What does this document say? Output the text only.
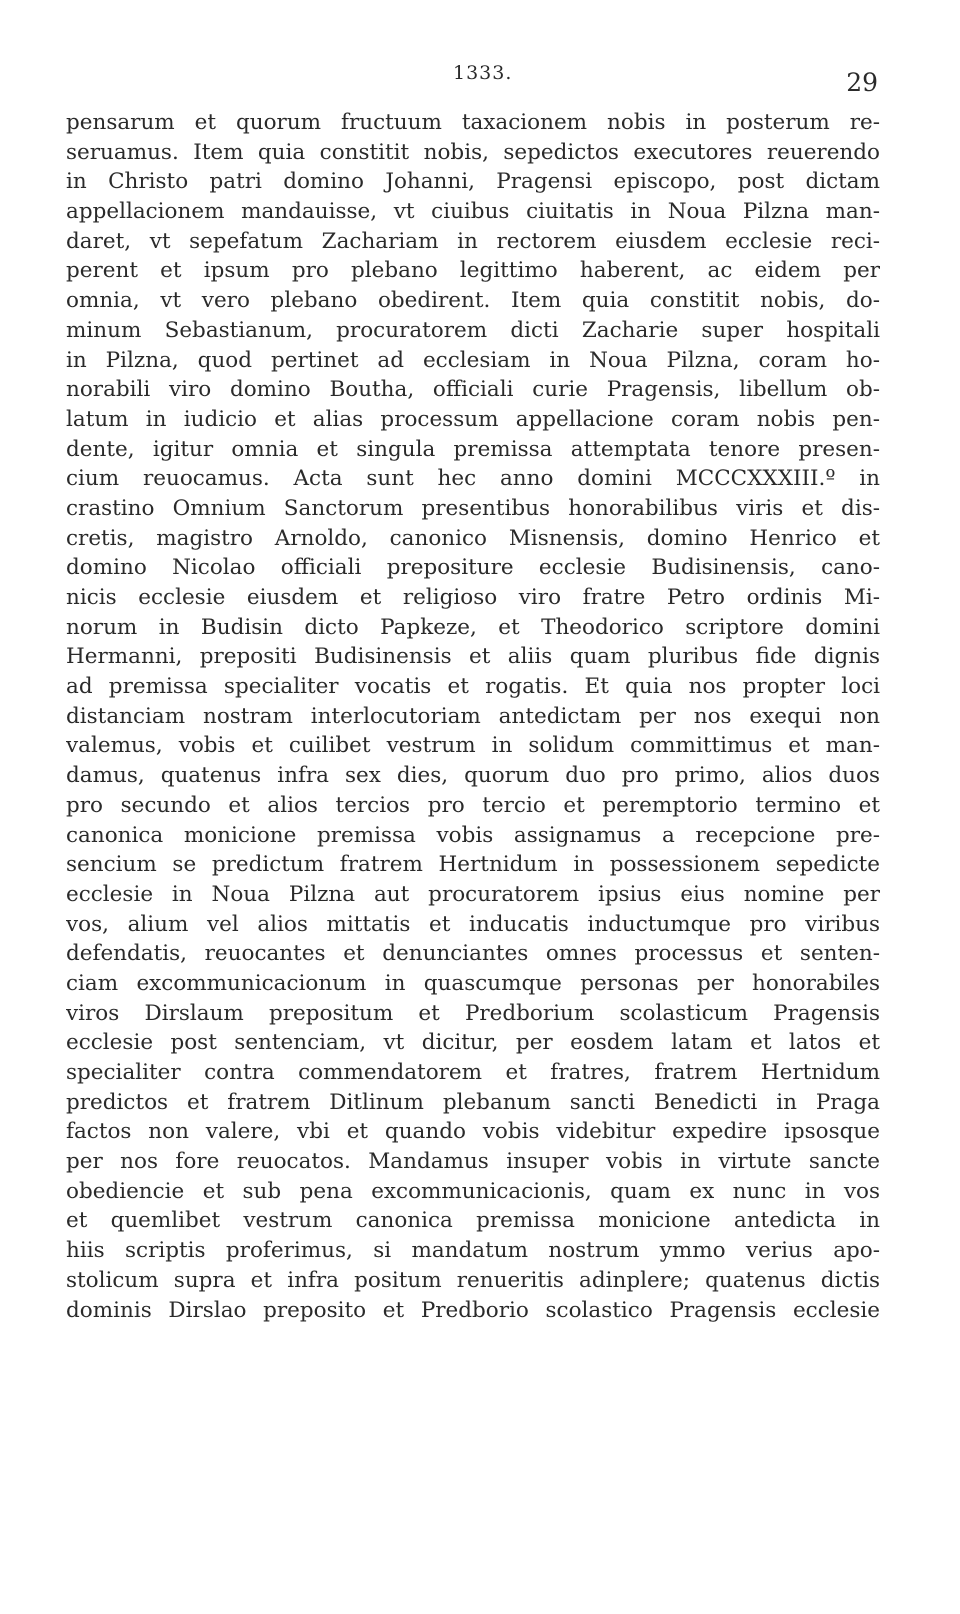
1333.	29
pensarum et quorum fructuum taxacionem nobis in posterum re-
seruamus. Item quia constitit nobis, sepedictos executores reuerendo
in Christo patri domino Johanni, Pragensi episcopo, post dictam
appellacionem mandauisse, vt ciuibus ciuitatis in Noua Pilzna man-
daret, vt sepefatum Zachariam in rectorem eiusdem ecclesie reci-
perent et ipsum pro plebano legittimo haberent, ac eidem per
omnia, vt vero plebano obedirent. Item quia constitit nobis, do-
minum Sebastianum, procuratorem dicti Zacharie super hospitali
in Pilzna, quod pertinet ad ecclesiam in Noua Pilzna, coram ho-
norabili viro domino Boutha, officiali curie Pragensis, libellum ob-
latum in iudicio et alias processum appellacione coram nobis pen-
dente, igitur omnia et singula premissa attemptata tenore presen-
cium reuocamus. Acta sunt hec anno domini MCCCXXXIII.º in
crastino Omnium Sanctorum presentibus honorabilibus viris et dis-
cretis, magistro Arnoldo, canonico Misnensis, domino Henrico et
domino Nicolao officiali prepositure ecclesie Budisinensis, cano-
nicis ecclesie eiusdem et religioso viro fratre Petro ordinis Mi-
norum in Budisin dicto Papkeze, et Theodorico scriptore domini
Hermanni, prepositi Budisinensis et aliis quam pluribus fide dignis
ad premissa specialiter vocatis et rogatis. Et quia nos propter loci
distanciam nostram interlocutoriam antedictam per nos exequi non
valemus, vobis et cuilibet vestrum in solidum committimus et man-
damus, quatenus infra sex dies, quorum duo pro primo, alios duos
pro secundo et alios tercios pro tercio et peremptorio termino et
canonica monicione premissa vobis assignamus a recepcione pre-
sencium se predictum fratrem Hertnidum in possessionem sepedicte
ecclesie in Noua Pilzna aut procuratorem ipsius eius nomine per
vos, alium vel alios mittatis et inducatis inductumque pro viribus
defendatis, reuocantes et denunciantes omnes processus et senten-
ciam excommunicacionum in quascumque personas per honorabiles
viros Dirslaum prepositum et Predborium scolasticum Pragensis
ecclesie post sentenciam, vt dicitur, per eosdem latam et latos et
specialiter contra commendatorem et fratres, fratrem Hertnidum
predictos et fratrem Ditlinum plebanum sancti Benedicti in Praga
factos non valere, vbi et quando vobis videbitur expedire ipsosque
per nos fore reuocatos. Mandamus insuper vobis in virtute sancte
obediencie et sub pena excommunicacionis, quam ex nunc in vos
et quemlibet vestrum canonica premissa monicione antedicta in
hiis scriptis proferimus, si mandatum nostrum ymmo verius apo-
stolicum supra et infra positum renueritis adinplere; quatenus dictis
dominis Dirslao preposito et Predborio scolastico Pragensis ecclesie
